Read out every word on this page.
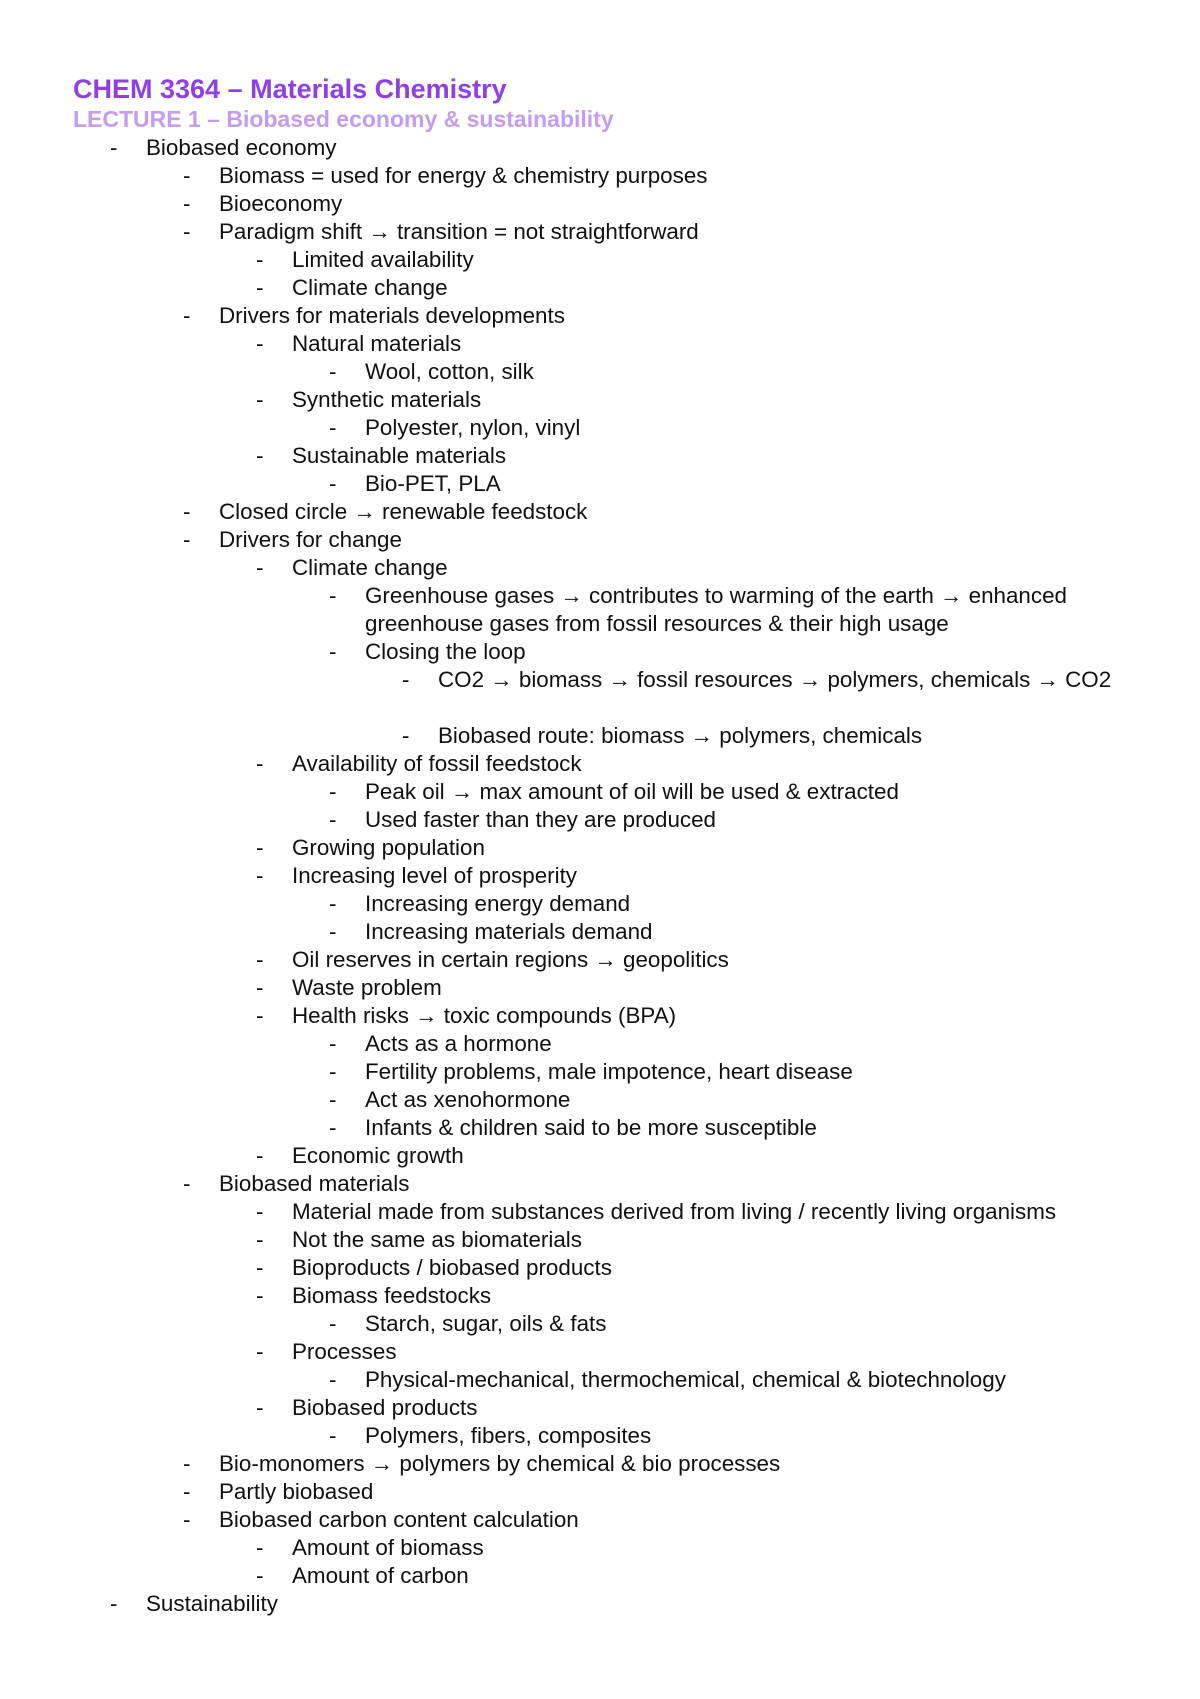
CHEM 3364 – Materials Chemistry
LECTURE 1 – Biobased economy & sustainability
- Biobased economy
- Biomass = used for energy & chemistry purposes
- Bioeconomy
- Paradigm shift → transition = not straightforward
- Limited availability
- Climate change
- Drivers for materials developments
- Natural materials
- Wool, cotton, silk
- Synthetic materials
- Polyester, nylon, vinyl
- Sustainable materials
- Bio-PET, PLA
- Closed circle → renewable feedstock
- Drivers for change
- Climate change
- Greenhouse gases → contributes to warming of the earth → enhanced greenhouse gases from fossil resources & their high usage
- Closing the loop
- CO2 → biomass → fossil resources → polymers, chemicals → CO2
- Biobased route: biomass → polymers, chemicals
- Availability of fossil feedstock
- Peak oil → max amount of oil will be used & extracted
- Used faster than they are produced
- Growing population
- Increasing level of prosperity
- Increasing energy demand
- Increasing materials demand
- Oil reserves in certain regions → geopolitics
- Waste problem
- Health risks → toxic compounds (BPA)
- Acts as a hormone
- Fertility problems, male impotence, heart disease
- Act as xenohormone
- Infants & children said to be more susceptible
- Economic growth
- Biobased materials
- Material made from substances derived from living / recently living organisms
- Not the same as biomaterials
- Bioproducts / biobased products
- Biomass feedstocks
- Starch, sugar, oils & fats
- Processes
- Physical-mechanical, thermochemical, chemical & biotechnology
- Biobased products
- Polymers, fibers, composites
- Bio-monomers → polymers by chemical & bio processes
- Partly biobased
- Biobased carbon content calculation
- Amount of biomass
- Amount of carbon
- Sustainability
